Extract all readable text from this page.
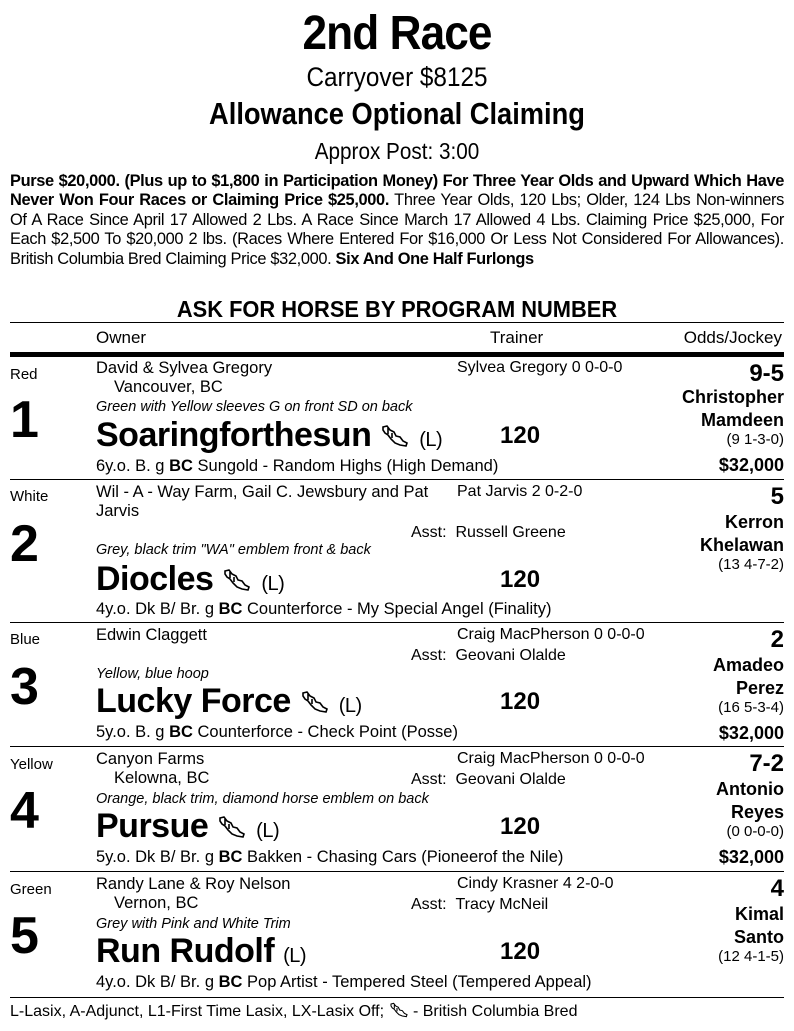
2nd Race
Carryover $8125
Allowance Optional Claiming
Approx Post: 3:00
Purse $20,000. (Plus up to $1,800 in Participation Money) For Three Year Olds and Upward Which Have Never Won Four Races or Claiming Price $25,000. Three Year Olds, 120 Lbs; Older, 124 Lbs Non-winners Of A Race Since April 17 Allowed 2 Lbs. A Race Since March 17 Allowed 4 Lbs. Claiming Price $25,000, For Each $2,500 To $20,000 2 lbs. (Races Where Entered For $16,000 Or Less Not Considered For Allowances). British Columbia Bred Claiming Price $32,000. Six And One Half Furlongs
ASK FOR HORSE BY PROGRAM NUMBER
Owner	Trainer	Odds/Jockey
Red
1
David & Sylvea Gregory
Vancouver, BC
Green with Yellow sleeves G on front SD on back
Soaringforthesun (L) 120
Sylvea Gregory 0 0-0-0
6y.o. B. g BC Sungold - Random Highs (High Demand)
9-5
Christopher
Mamdeen
(9 1-3-0)
$32,000
White
2
Wil - A - Way Farm, Gail C. Jewsbury and Pat
Jarvis
Asst: Russell Greene
Grey, black trim "WA" emblem front & back
Diocles (L)	120
Pat Jarvis 2 0-2-0
4y.o. Dk B/ Br. g BC Counterforce - My Special Angel (Finality)
5
Kerron
Khelawan
(13 4-7-2)
Blue
3
Edwin Claggett
Asst: Geovani Olalde
Yellow, blue hoop
Lucky Force (L)	120
Craig MacPherson 0 0-0-0
5y.o. B. g BC Counterforce - Check Point (Posse)
2
Amadeo
Perez
(16 5-3-4)
$32,000
Yellow
4
Canyon Farms
Kelowna, BC	Asst: Geovani Olalde
Orange, black trim, diamond horse emblem on back
Pursue (L)	120
Craig MacPherson 0 0-0-0
5y.o. Dk B/ Br. g BC Bakken - Chasing Cars (Pioneerof the Nile)
7-2
Antonio
Reyes
(0 0-0-0)
$32,000
Green
5
Randy Lane & Roy Nelson
Vernon, BC	Asst: Tracy McNeil
Grey with Pink and White Trim
Run Rudolf (L)	120
Cindy Krasner 4 2-0-0
4y.o. Dk B/ Br. g BC Pop Artist - Tempered Steel (Tempered Appeal)
4
Kimal
Santo
(12 4-1-5)
L-Lasix, A-Adjunct, L1-First Time Lasix, LX-Lasix Off;  - British Columbia Bred
